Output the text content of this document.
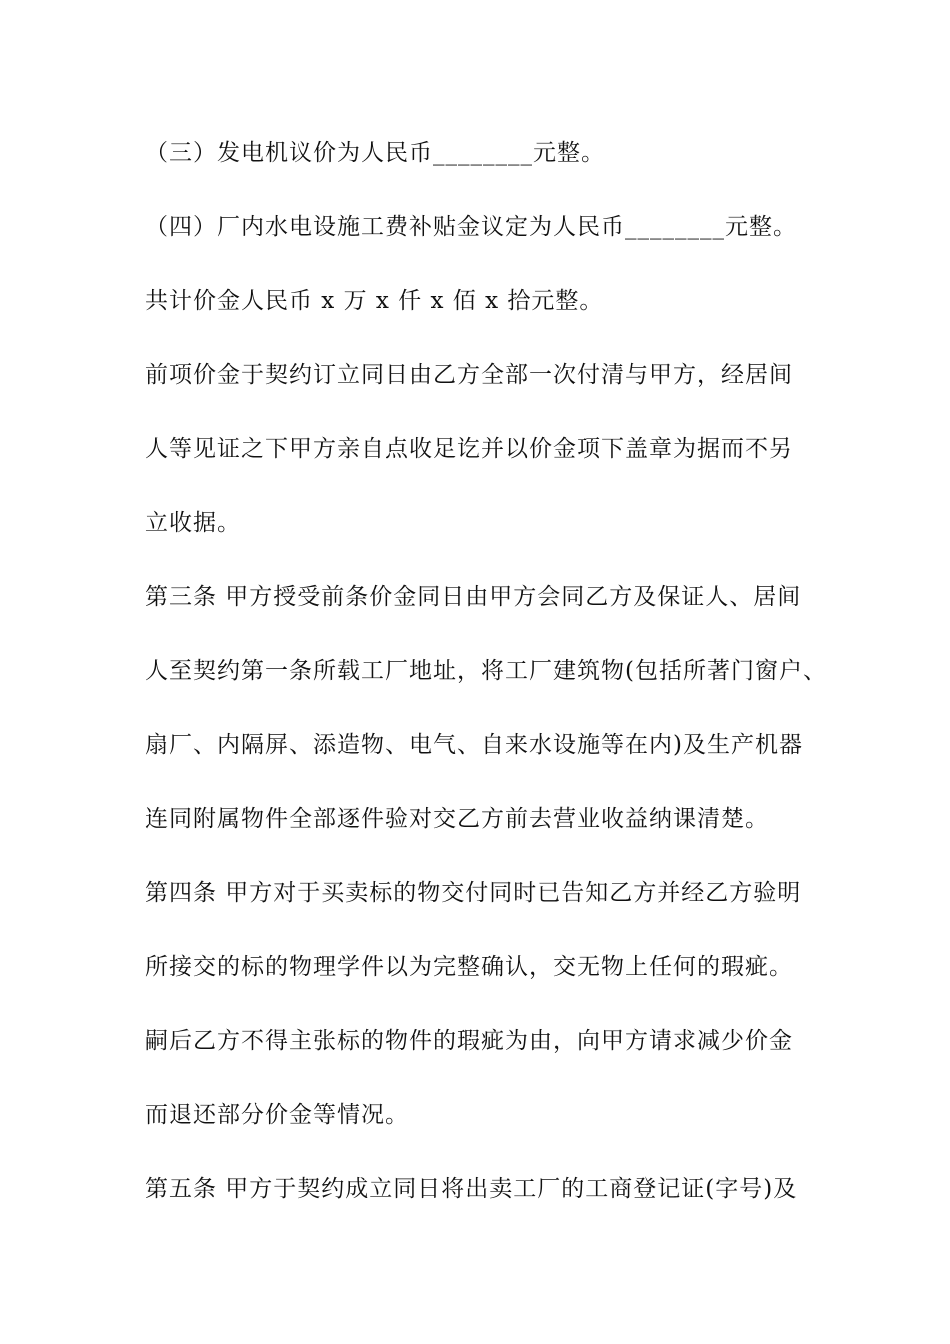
（三）发电机议价为人民币________元整。
（四）厂内水电设施工费补贴金议定为人民币________元整。
共计价金人民币 x 万 x 仟 x 佰 x 拾元整。
前项价金于契约订立同日由乙方全部一次付清与甲方，经居间
人等见证之下甲方亲自点收足讫并以价金项下盖章为据而不另
立收据。
第三条 甲方授受前条价金同日由甲方会同乙方及保证人、居间
人至契约第一条所载工厂地址，将工厂建筑物(包括所著门窗户、
扇厂、内隔屏、添造物、电气、自来水设施等在内)及生产机器
连同附属物件全部逐件验对交乙方前去营业收益纳课清楚。
第四条 甲方对于买卖标的物交付同时已告知乙方并经乙方验明
所接交的标的物理学件以为完整确认，交无物上任何的瑕疵。
嗣后乙方不得主张标的物件的瑕疵为由，向甲方请求减少价金
而退还部分价金等情况。
第五条 甲方于契约成立同日将出卖工厂的工商登记证(字号)及
